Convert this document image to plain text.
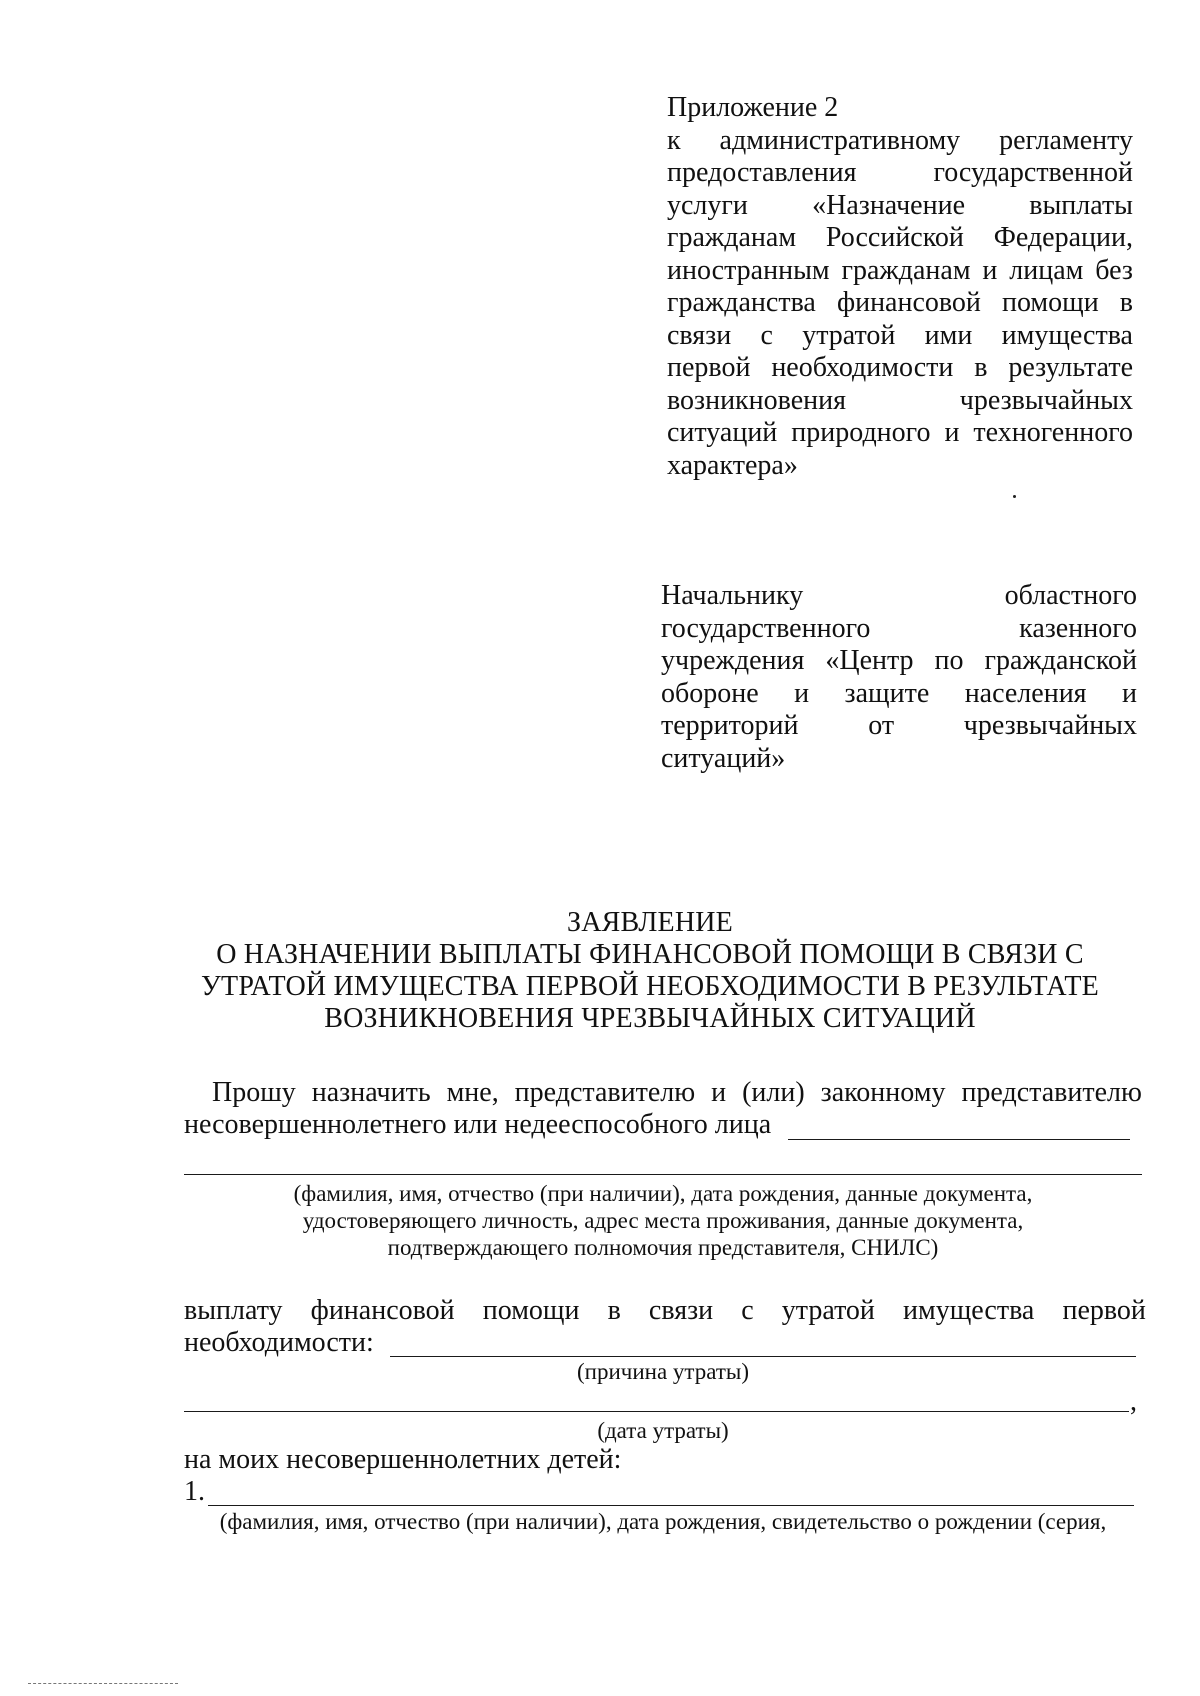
Приложение 2

к административному регламенту предоставления государственной услуги «Назначение выплаты гражданам Российской Федерации, иностранным гражданам и лицам без гражданства финансовой помощи в связи с утратой ими имущества первой необходимости в результате возникновения чрезвычайных ситуаций природного и техногенного характера»

Начальнику областного государственного казенного учреждения «Центр по гражданской обороне и защите населения и территорий от чрезвычайных ситуаций»
ЗАЯВЛЕНИЕ
О НАЗНАЧЕНИИ ВЫПЛАТЫ ФИНАНСОВОЙ ПОМОЩИ В СВЯЗИ С
УТРАТОЙ ИМУЩЕСТВА ПЕРВОЙ НЕОБХОДИМОСТИ В РЕЗУЛЬТАТЕ
ВОЗНИКНОВЕНИЯ ЧРЕЗВЫЧАЙНЫХ СИТУАЦИЙ
Прошу назначить мне, представителю и (или) законному представителю
несовершеннолетнего или недееспособного лица
(фамилия, имя, отчество (при наличии), дата рождения, данные документа,
удостоверяющего личность, адрес места проживания, данные документа,
подтверждающего полномочия представителя, СНИЛС)
выплату финансовой помощи в связи с утратой имущества первой
необходимости:
(причина утраты)
,
(дата утраты)
на моих несовершеннолетних детей:
1.
(фамилия, имя, отчество (при наличии), дата рождения, свидетельство о рождении (серия,
